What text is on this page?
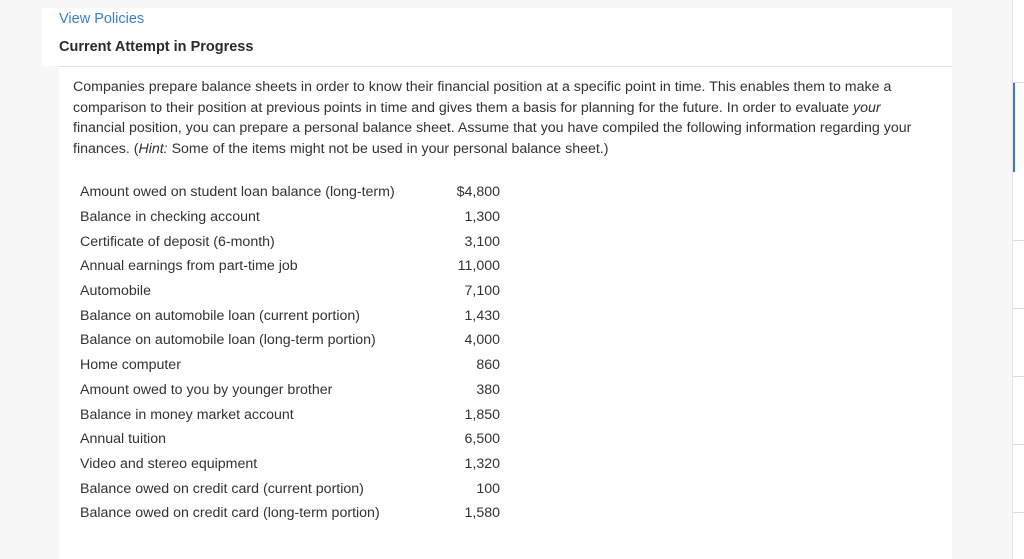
View Policies
Current Attempt in Progress

Companies prepare balance sheets in order to know their financial position at a specific point in time. This enables them to make a comparison to their position at previous points in time and gives them a basis for planning for the future. In order to evaluate your financial position, you can prepare a personal balance sheet. Assume that you have compiled the following information regarding your finances. (Hint: Some of the items might not be used in your personal balance sheet.)

Amount owed on student loan balance (long-term)	$4,800
Balance in checking account	1,300
Certificate of deposit (6-month)	3,100
Annual earnings from part-time job	11,000
Automobile	7,100
Balance on automobile loan (current portion)	1,430
Balance on automobile loan (long-term portion)	4,000
Home computer	860
Amount owed to you by younger brother	380
Balance in money market account	1,850
Annual tuition	6,500
Video and stereo equipment	1,320
Balance owed on credit card (current portion)	100
Balance owed on credit card (long-term portion)	1,580
